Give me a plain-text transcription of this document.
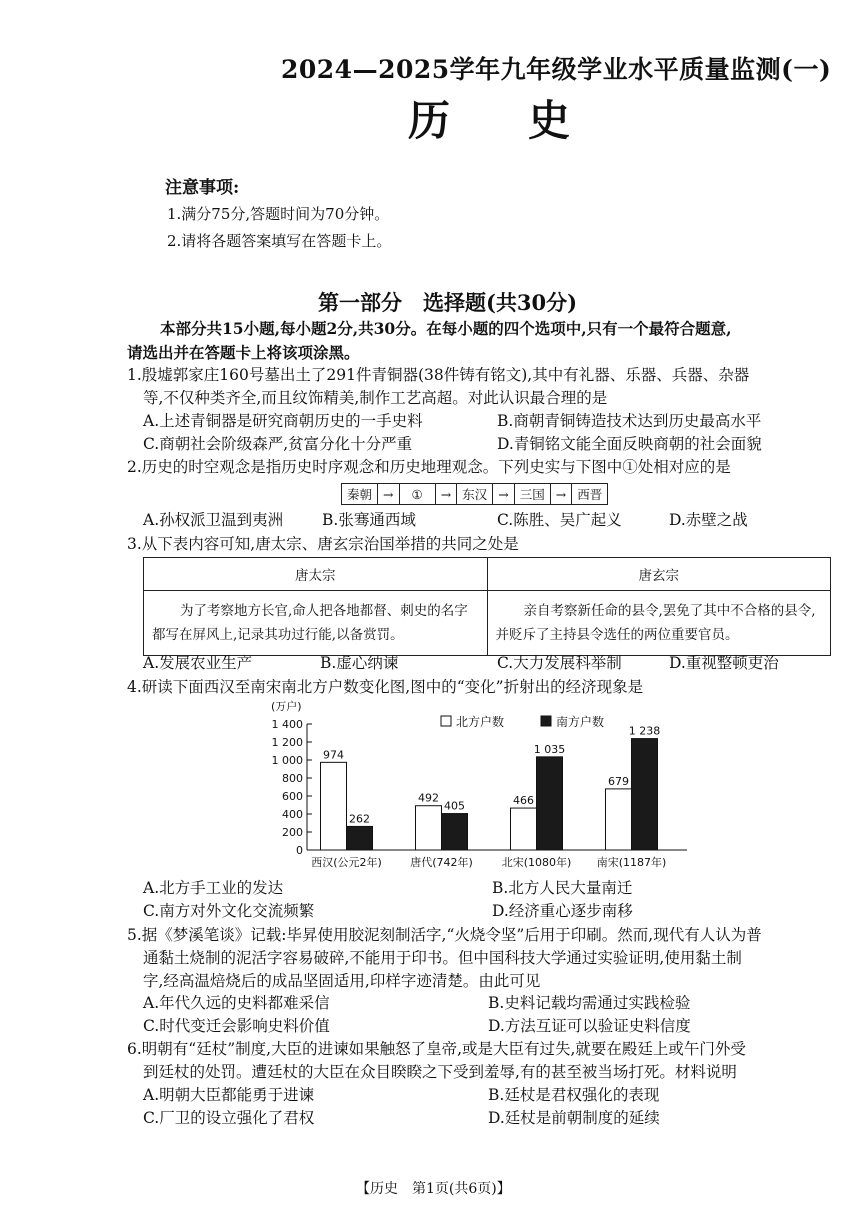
2024—2025学年九年级学业水平质量监测(一)
历史
注意事项:
1.满分75分,答题时间为70分钟。
2.请将各题答案填写在答题卡上。
第一部分　选择题(共30分)
本部分共15小题,每小题2分,共30分。在每小题的四个选项中,只有一个最符合题意,
请选出并在答题卡上将该项涂黑。
1.殷墟郭家庄160号墓出土了291件青铜器(38件铸有铭文),其中有礼器、乐器、兵器、杂器
等,不仅种类齐全,而且纹饰精美,制作工艺高超。对此认识最合理的是
A.上述青铜器是研究商朝历史的一手史料	B.商朝青铜铸造技术达到历史最高水平
C.商朝社会阶级森严,贫富分化十分严重	D.青铜铭文能全面反映商朝的社会面貌
2.历史的时空观念是指历史时序观念和历史地理观念。下列史实与下图中①处相对应的是
秦朝 →	①	→ 东汉 → 三国 → 西晋
A.孙权派卫温到夷洲	B.张骞通西域	C.陈胜、吴广起义	D.赤壁之战
3.从下表内容可知,唐太宗、唐玄宗治国举措的共同之处是
唐太宗	唐玄宗
为了考察地方长官,命人把各地都督、刺史的名字都写在屏风上,记录其功过行能,以备赏罚。	亲自考察新任命的县令,罢免了其中不合格的县令,并贬斥了主持县令选任的两位重要官员。
A.发展农业生产	B.虚心纳谏	C.大力发展科举制	D.重视整顿吏治
4.研读下面西汉至南宋南北方户数变化图,图中的“变化”折射出的经济现象是
(万户)
0
200
400
600
800
1 000
1 200
1 400
974
262
西汉(公元2年)
492
405
唐代(742年)
466
1 035
北宋(1080年)
679
1 238
南宋(1187年)
北方户数	南方户数
A.北方手工业的发达	B.北方人民大量南迁
C.南方对外文化交流频繁	D.经济重心逐步南移
5.据《梦溪笔谈》记载:毕昇使用胶泥刻制活字,“火烧令坚”后用于印刷。然而,现代有人认为普
通黏土烧制的泥活字容易破碎,不能用于印书。但中国科技大学通过实验证明,使用黏土制
字,经高温焙烧后的成品坚固适用,印样字迹清楚。由此可见
A.年代久远的史料都难采信	B.史料记载均需通过实践检验
C.时代变迁会影响史料价值	D.方法互证可以验证史料信度
6.明朝有“廷杖”制度,大臣的进谏如果触怒了皇帝,或是大臣有过失,就要在殿廷上或午门外受
到廷杖的处罚。遭廷杖的大臣在众目睽睽之下受到羞辱,有的甚至被当场打死。材料说明
A.明朝大臣都能勇于进谏	B.廷杖是君权强化的表现
C.厂卫的设立强化了君权	D.廷杖是前朝制度的延续
【历史　第1页(共6页)】
